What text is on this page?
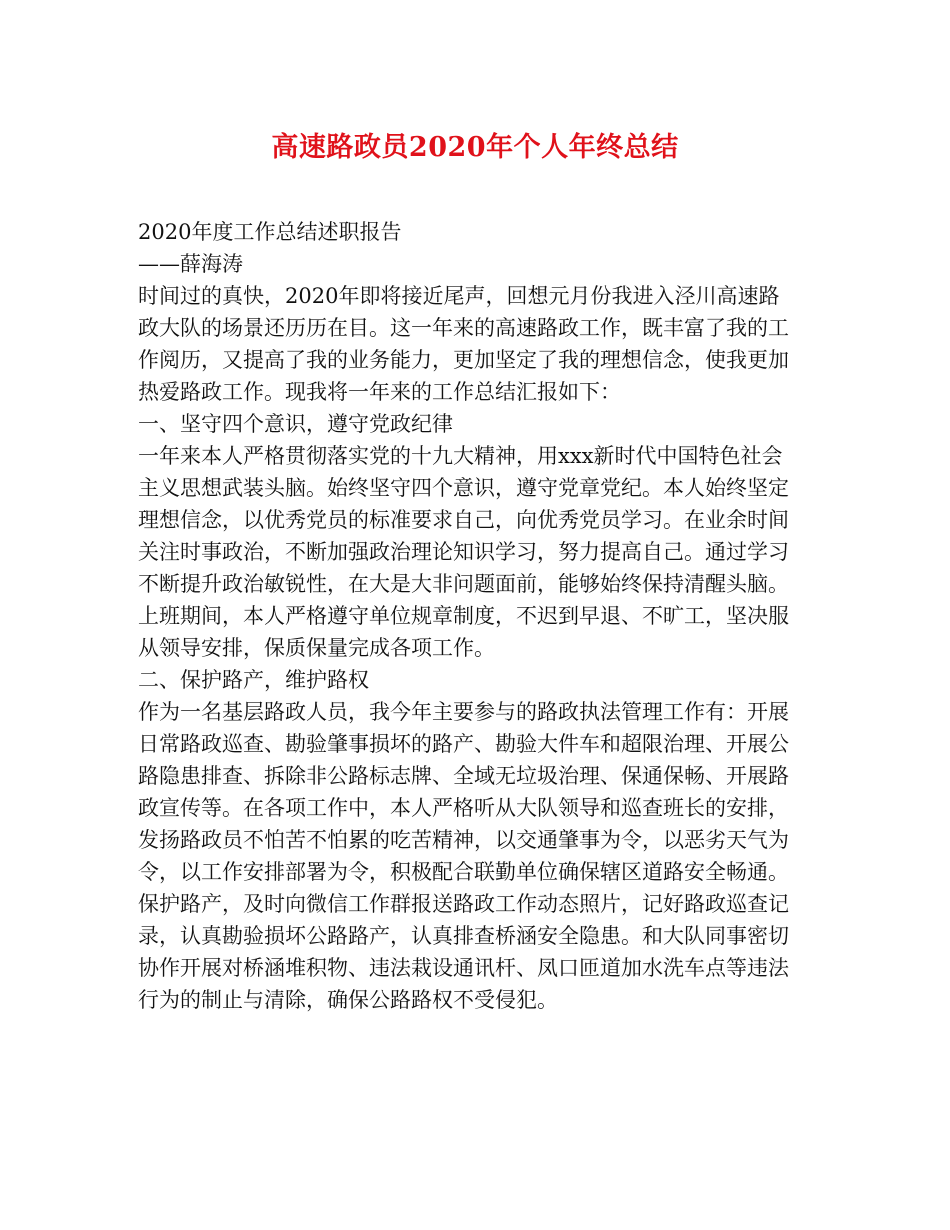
高速路政员2020年个人年终总结
2020年度工作总结述职报告
——薛海涛
时间过的真快，2020年即将接近尾声，回想元月份我进入泾川高速路
政大队的场景还历历在目。这一年来的高速路政工作，既丰富了我的工
作阅历，又提高了我的业务能力，更加坚定了我的理想信念，使我更加
热爱路政工作。现我将一年来的工作总结汇报如下：
一、坚守四个意识，遵守党政纪律
一年来本人严格贯彻落实党的十九大精神，用xxx新时代中国特色社会
主义思想武装头脑。始终坚守四个意识，遵守党章党纪。本人始终坚定
理想信念，以优秀党员的标准要求自己，向优秀党员学习。在业余时间
关注时事政治，不断加强政治理论知识学习，努力提高自己。通过学习
不断提升政治敏锐性，在大是大非问题面前，能够始终保持清醒头脑。
上班期间，本人严格遵守单位规章制度，不迟到早退、不旷工，坚决服
从领导安排，保质保量完成各项工作。
二、保护路产，维护路权
作为一名基层路政人员，我今年主要参与的路政执法管理工作有：开展
日常路政巡查、勘验肇事损坏的路产、勘验大件车和超限治理、开展公
路隐患排查、拆除非公路标志牌、全域无垃圾治理、保通保畅、开展路
政宣传等。在各项工作中，本人严格听从大队领导和巡查班长的安排，
发扬路政员不怕苦不怕累的吃苦精神，以交通肇事为令，以恶劣天气为
令，以工作安排部署为令，积极配合联勤单位确保辖区道路安全畅通。
保护路产，及时向微信工作群报送路政工作动态照片，记好路政巡查记
录，认真勘验损坏公路路产，认真排查桥涵安全隐患。和大队同事密切
协作开展对桥涵堆积物、违法栽设通讯杆、凤口匝道加水洗车点等违法
行为的制止与清除，确保公路路权不受侵犯。
